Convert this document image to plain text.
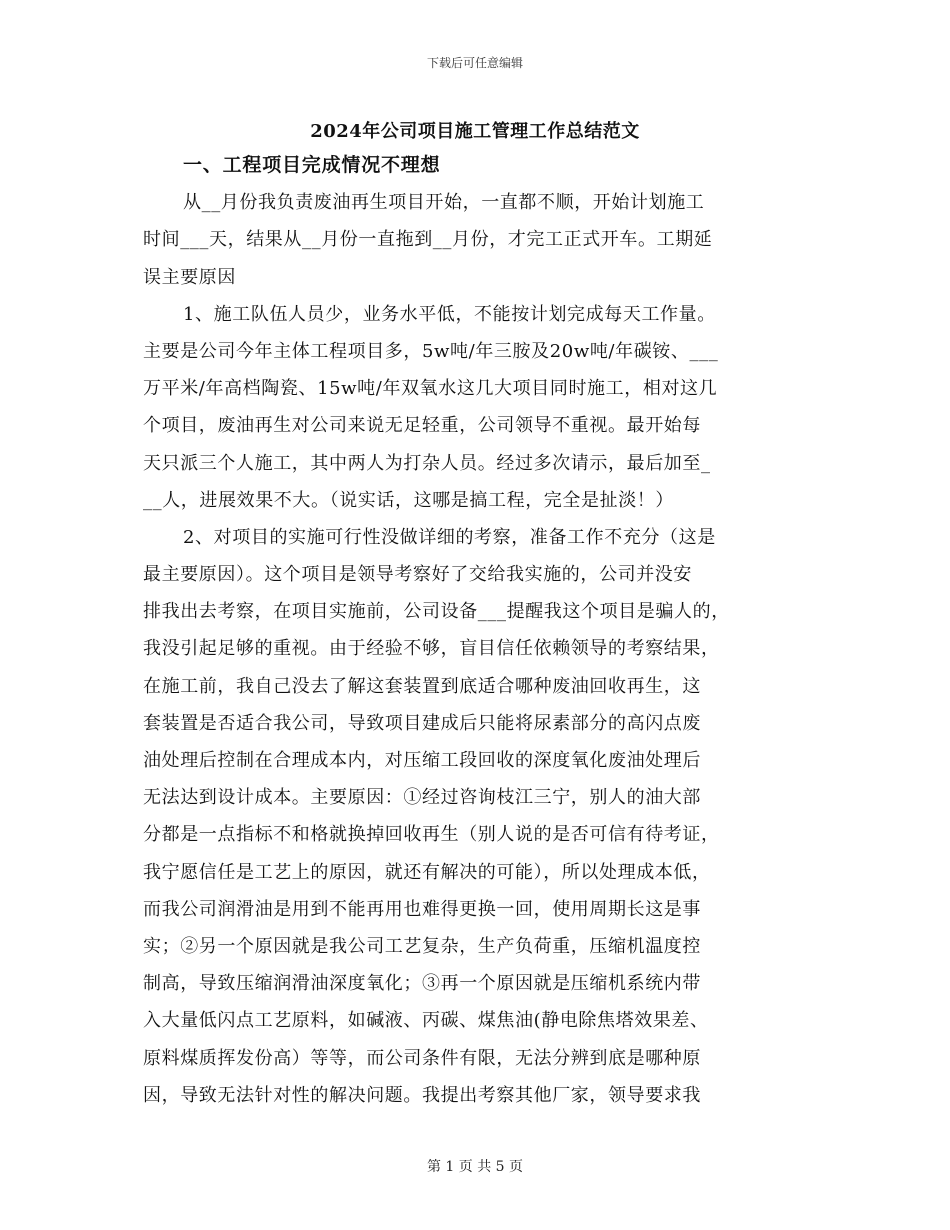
下载后可任意编辑
2024年公司项目施工管理工作总结范文
一、工程项目完成情况不理想
从__月份我负责废油再生项目开始，一直都不顺，开始计划施工
时间___天，结果从__月份一直拖到__月份，才完工正式开车。工期延
误主要原因
1、施工队伍人员少，业务水平低，不能按计划完成每天工作量。
主要是公司今年主体工程项目多，5w吨/年三胺及20w吨/年碳铵、___
万平米/年高档陶瓷、15w吨/年双氧水这几大项目同时施工，相对这几
个项目，废油再生对公司来说无足轻重，公司领导不重视。最开始每
天只派三个人施工，其中两人为打杂人员。经过多次请示，最后加至_
__人，进展效果不大。（说实话，这哪是搞工程，完全是扯淡！）
2、对项目的实施可行性没做详细的考察，准备工作不充分（这是
最主要原因）。这个项目是领导考察好了交给我实施的，公司并没安
排我出去考察，在项目实施前，公司设备___提醒我这个项目是骗人的，
我没引起足够的重视。由于经验不够，盲目信任依赖领导的考察结果，
在施工前，我自己没去了解这套装置到底适合哪种废油回收再生，这
套装置是否适合我公司，导致项目建成后只能将尿素部分的高闪点废
油处理后控制在合理成本内，对压缩工段回收的深度氧化废油处理后
无法达到设计成本。主要原因：①经过咨询枝江三宁，别人的油大部
分都是一点指标不和格就换掉回收再生（别人说的是否可信有待考证，
我宁愿信任是工艺上的原因，就还有解决的可能），所以处理成本低，
而我公司润滑油是用到不能再用也难得更换一回，使用周期长这是事
实；②另一个原因就是我公司工艺复杂，生产负荷重，压缩机温度控
制高，导致压缩润滑油深度氧化；③再一个原因就是压缩机系统内带
入大量低闪点工艺原料，如碱液、丙碳、煤焦油(静电除焦塔效果差、
原料煤质挥发份高）等等，而公司条件有限，无法分辨到底是哪种原
因，导致无法针对性的解决问题。我提出考察其他厂家，领导要求我
第 1 页 共 5 页
